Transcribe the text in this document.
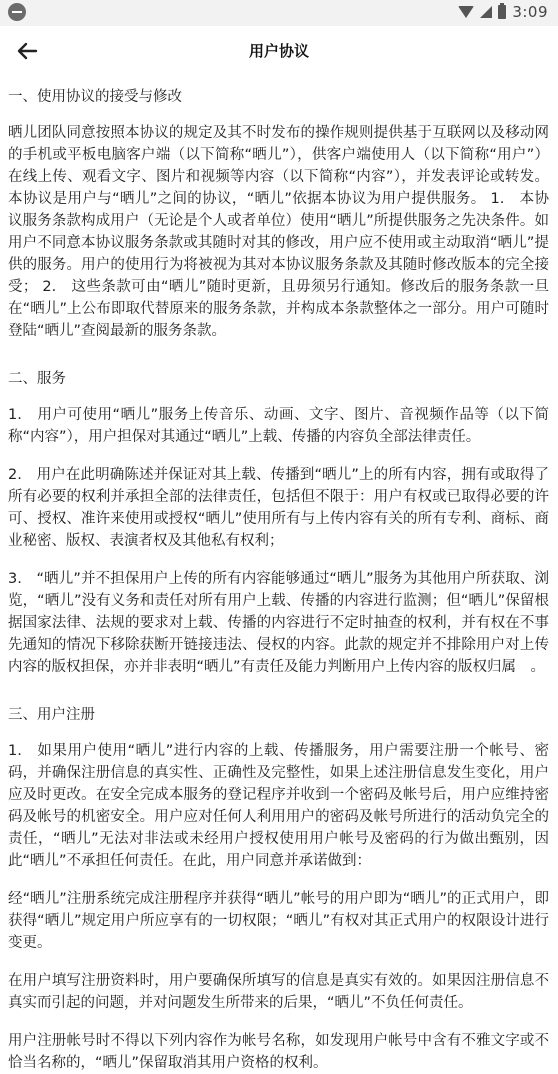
3:09
用户协议
一、使用协议的接受与修改

晒儿团队同意按照本协议的规定及其不时发布的操作规则提供基于互联网以及移动网的手机或平板电脑客户端（以下简称“晒儿”），供客户端使用人（以下简称“用户”）在线上传、观看文字、图片和视频等内容（以下简称“内容”），并发表评论或转发。 本协议是用户与“晒儿”之间的协议，“晒儿”依据本协议为用户提供服务。 1.　本协议服务条款构成用户（无论是个人或者单位）使用“晒儿”所提供服务之先决条件。如用户不同意本协议服务条款或其随时对其的修改，用户应不使用或主动取消“晒儿”提供的服务。用户的使用行为将被视为其对本协议服务条款及其随时修改版本的完全接受； 2.　这些条款可由“晒儿”随时更新，且毋须另行通知。修改后的服务条款一旦在“晒儿”上公布即取代替原来的服务条款，并构成本条款整体之一部分。用户可随时登陆“晒儿”查阅最新的服务条款。

二、服务

1.　用户可使用“晒儿”服务上传音乐、动画、文字、图片、音视频作品等（以下简称“内容”），用户担保对其通过“晒儿”上载、传播的内容负全部法律责任。

2.　用户在此明确陈述并保证对其上载、传播到“晒儿”上的所有内容，拥有或取得了所有必要的权利并承担全部的法律责任，包括但不限于：用户有权或已取得必要的许可、授权、准许来使用或授权“晒儿”使用所有与上传内容有关的所有专利、商标、商业秘密、版权、表演者权及其他私有权利；

3.　“晒儿”并不担保用户上传的所有内容能够通过“晒儿”服务为其他用户所获取、浏览，“晒儿”没有义务和责任对所有用户上载、传播的内容进行监测；但“晒儿”保留根据国家法律、法规的要求对上载、传播的内容进行不定时抽查的权利，并有权在不事先通知的情况下移除获断开链接违法、侵权的内容。此款的规定并不排除用户对上传内容的版权担保，亦并非表明“晒儿”有责任及能力判断用户上传内容的版权归属　。

三、用户注册

1.　如果用户使用“晒儿”进行内容的上载、传播服务，用户需要注册一个帐号、密码，并确保注册信息的真实性、正确性及完整性，如果上述注册信息发生变化，用户应及时更改。在安全完成本服务的登记程序并收到一个密码及帐号后，用户应维持密码及帐号的机密安全。用户应对任何人利用用户的密码及帐号所进行的活动负完全的责任，“晒儿”无法对非法或未经用户授权使用用户帐号及密码的行为做出甄别，因此“晒儿”不承担任何责任。在此，用户同意并承诺做到：

经“晒儿”注册系统完成注册程序并获得“晒儿”帐号的用户即为“晒儿”的正式用户，即获得“晒儿”规定用户所应享有的一切权限；“晒儿”有权对其正式用户的权限设计进行变更。

在用户填写注册资料时，用户要确保所填写的信息是真实有效的。如果因注册信息不真实而引起的问题，并对问题发生所带来的后果，“晒儿”不负任何责任。

用户注册帐号时不得以下列内容作为帐号名称，如发现用户帐号中含有不雅文字或不恰当名称的，“晒儿”保留取消其用户资格的权利。
